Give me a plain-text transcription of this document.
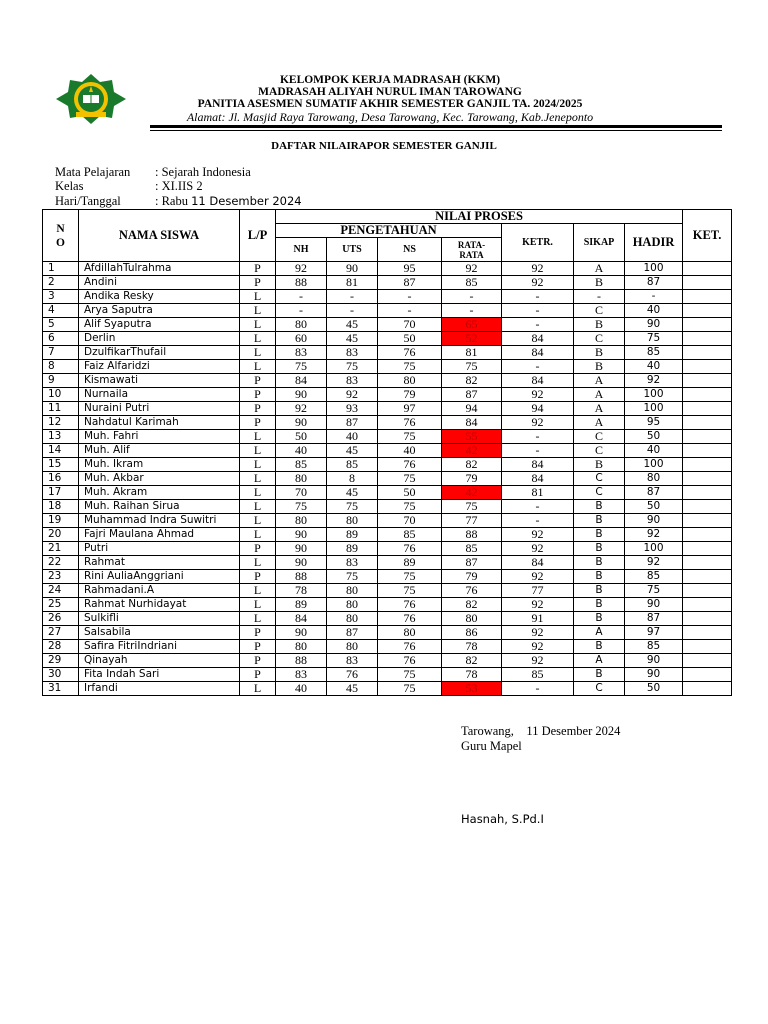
KELOMPOK KERJA MADRASAH (KKM)
MADRASAH ALIYAH NURUL IMAN TAROWANG
PANITIA ASESMEN SUMATIF AKHIR SEMESTER GANJIL TA. 2024/2025
Alamat: Jl. Masjid Raya Tarowang, Desa Tarowang, Kec. Tarowang, Kab.Jeneponto
DAFTAR NILAIRAPOR SEMESTER GANJIL
Mata Pelajaran : Sejarah Indonesia
Kelas	: XI.IIS 2
Hari/Tanggal	: Rabu 11 Desember 2024
N
O	NAMA SISWA	L/P	NILAI PROSES							KET.
			PENGETAHUAN				KETR.	SIKAP	HADIR	
			NH	UTS	NS	RATA-
RATA				
1	AfdillahTulrahma	P	92	90	95	92	92	A	100	
2	Andini	P	88	81	87	85	92	B	87	
3	Andika Resky	L	-	-	-	-	-	-	-	
4	Arya Saputra	L	-	-	-	-	-	C	40	
5	Alif Syaputra	L	80	45	70	65	-	B	90	
6	Derlin	L	60	45	50	52	84	C	75	
7	DzulfikarThufail	L	83	83	76	81	84	B	85	
8	Faiz Alfaridzi	L	75	75	75	75	-	B	40	
9	Kismawati	P	84	83	80	82	84	A	92	
10	Nurnaila	P	90	92	79	87	92	A	100	
11	Nuraini Putri	P	92	93	97	94	94	A	100	
12	Nahdatul Karimah	P	90	87	76	84	92	A	95	
13	Muh. Fahri	L	50	40	75	55	-	C	50	
14	Muh. Alif	L	40	45	40	42	-	C	40	
15	Muh. Ikram	L	85	85	76	82	84	B	100	
16	Muh. Akbar	L	80	8	75	79	84	C	80	
17	Muh. Akram	L	70	45	50	42	81	C	87	
18	Muh. Raihan Sirua	L	75	75	75	75	-	B	50	
19	Muhammad Indra Suwitri	L	80	80	70	77	-	B	90	
20	Fajri Maulana Ahmad	L	90	89	85	88	92	B	92	
21	Putri	P	90	89	76	85	92	B	100	
22	Rahmat	L	90	83	89	87	84	B	92	
23	Rini AuliaAnggriani	P	88	75	75	79	92	B	85	
24	Rahmadani.A	L	78	80	75	76	77	B	75	
25	Rahmat Nurhidayat	L	89	80	76	82	92	B	90	
26	Sulkifli	L	84	80	76	80	91	B	87	
27	Salsabila	P	90	87	80	86	92	A	97	
28	Safira FitriIndriani	P	80	80	76	78	92	B	85	
29	Qinayah	P	88	83	76	82	92	A	90	
30	Fita Indah Sari	P	83	76	75	78	85	B	90	
31	Irfandi	L	40	45	75	53	-	C	50	
Tarowang,    11 Desember 2024
Guru Mapel
Hasnah, S.Pd.I
